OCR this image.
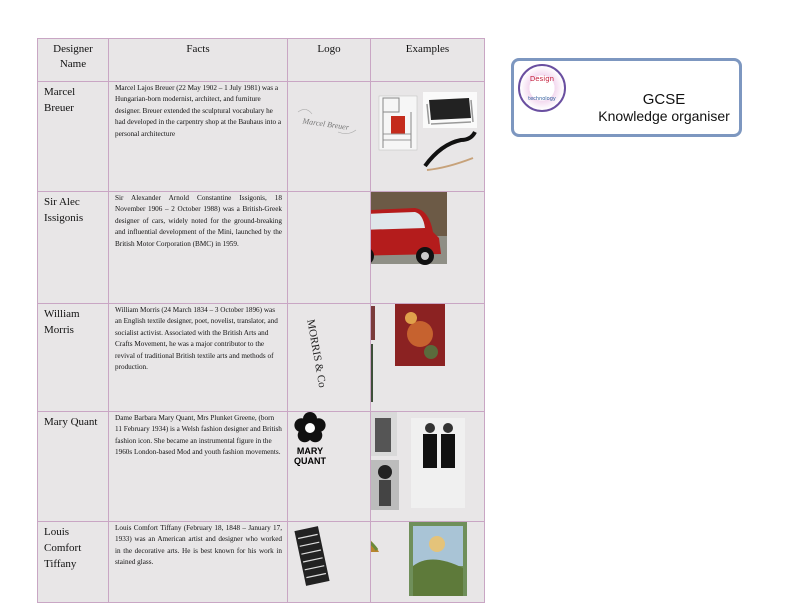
Designer Name	Facts	Logo	Examples
Marcel Breuer	Marcel Lajos Breuer (22 May 1902 – 1 July 1981) was a Hungarian-born modernist, architect, and furniture designer. Breuer extended the sculptural vocabulary he had developed in the carpentry shop at the Bauhaus into a personal architecture	Marcel Breuer

Sir Alec Issigonis	Sir Alexander Arnold Constantine Issigonis, 18 November 1906 – 2 October 1988) was a British-Greek designer of cars, widely noted for the ground-breaking and influential development of the Mini, launched by the British Motor Corporation (BMC) in 1959.		
William Morris	William Morris (24 March 1834 – 3 October 1896) was an English textile designer, poet, novelist, translator, and socialist activist. Associated with the British Arts and Crafts Movement, he was a major contributor to the revival of traditional British textile arts and methods of production.	MORRIS & Co

Mary Quant	Dame Barbara Mary Quant, Mrs Plunket Greene, (born 11 February 1934) is a Welsh fashion designer and British fashion icon. She became an instrumental figure in the 1960s London-based Mod and youth fashion movements.	MARY
QUANT

Louis Comfort Tiffany	Louis Comfort Tiffany (February 18, 1848 – January 17, 1933) was an American artist and designer who worked in the decorative arts. He is best known for his work in stained glass.		
Design
technology	GCSE
Knowledge organiser
